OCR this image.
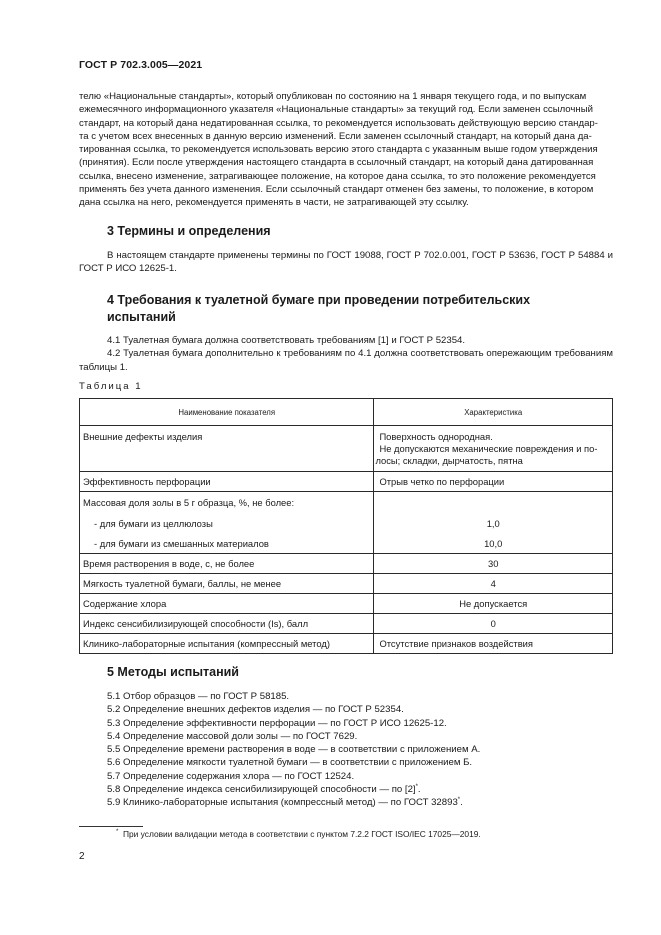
ГОСТ Р 702.3.005—2021

телю «Национальные стандарты», который опубликован по состоянию на 1 января текущего года, и по выпускам

ежемесячного информационного указателя «Национальные стандарты» за текущий год. Если заменен ссылочный

стандарт, на который дана недатированная ссылка, то рекомендуется использовать действующую версию стандар-

та с учетом всех внесенных в данную версию изменений. Если заменен ссылочный стандарт, на который дана да-

тированная ссылка, то рекомендуется использовать версию этого стандарта с указанным выше годом утверждения

(принятия). Если после утверждения настоящего стандарта в ссылочный стандарт, на который дана датированная

ссылка, внесено изменение, затрагивающее положение, на которое дана ссылка, то это положение рекомендуется

применять без учета данного изменения. Если ссылочный стандарт отменен без замены, то положение, в котором

дана ссылка на него, рекомендуется применять в части, не затрагивающей эту ссылку.

3 Термины и определения

В настоящем стандарте применены термины по ГОСТ 19088, ГОСТ Р 702.0.001, ГОСТ Р 53636, ГОСТ Р 54884 и ГОСТ Р ИСО 12625-1.

4 Требования к туалетной бумаге при проведении потребительских
испытаний

4.1 Туалетная бумага должна соответствовать требованиям [1] и ГОСТ Р 52354.

4.2 Туалетная бумага дополнительно к требованиям по 4.1 должна соответствовать опережающим требованиям таблицы 1.

Таблица 1
Наименование показателя	Характеристика
Внешние дефекты изделия	Поверхность однородная.
Не допускаются механические повреждения и по-
лосы; складки, дырчатость, пятна

Эффективность перфорации	Отрыв четко по перфорации
Массовая доля золы в 5 г образца, %, не более:	
- для бумаги из целлюлозы	1,0
- для бумаги из смешанных материалов	10,0
Время растворения в воде, с, не более	30
Мягкость туалетной бумаги, баллы, не менее	4
Содержание хлора	Не допускается
Индекс сенсибилизирующей способности (Is), балл	0
Клинико-лабораторные испытания (компрессный метод)	Отсутствие признаков воздействия
5 Методы испытаний
5.1 Отбор образцов — по ГОСТ Р 58185.
5.2 Определение внешних дефектов изделия — по ГОСТ Р 52354.
5.3 Определение эффективности перфорации — по ГОСТ Р ИСО 12625-12.
5.4 Определение массовой доли золы — по ГОСТ 7629.
5.5 Определение времени растворения в воде — в соответствии с приложением А.
5.6 Определение мягкости туалетной бумаги — в соответствии с приложением Б.
5.7 Определение содержания хлора — по ГОСТ 12524.
5.8 Определение индекса сенсибилизирующей способности — по [2]*.
5.9 Клинико-лабораторные испытания (компрессный метод) — по ГОСТ 32893*.
* При условии валидации метода в соответствии с пунктом 7.2.2 ГОСТ ISO/IEC 17025—2019.
2
